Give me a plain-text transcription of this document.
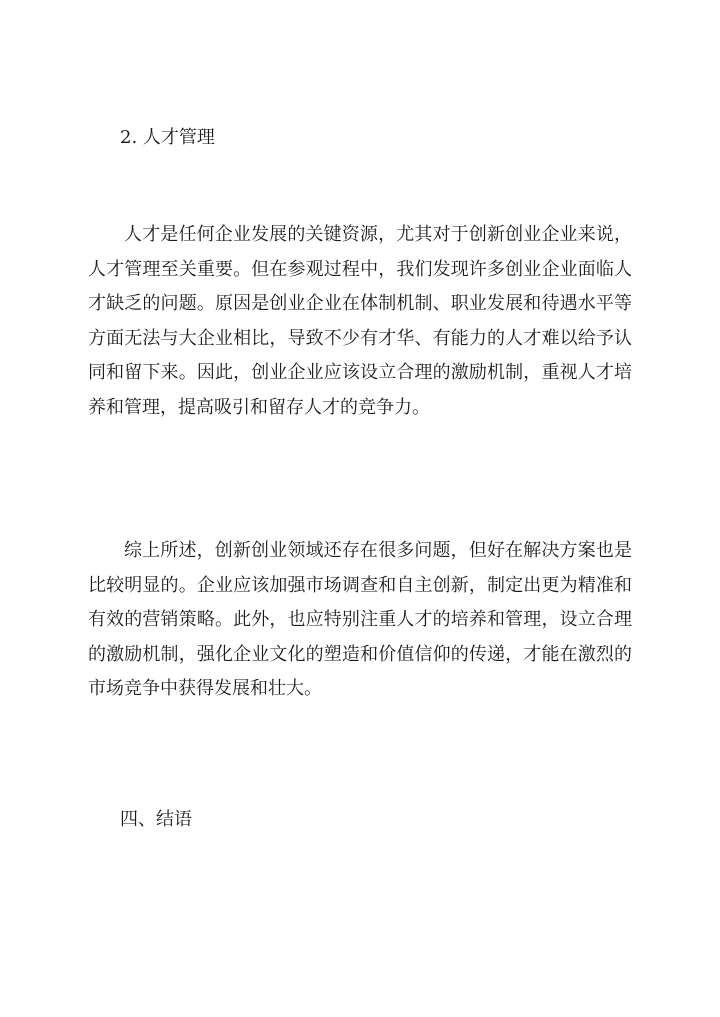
2. 人才管理

人才是任何企业发展的关键资源，尤其对于创新创业企业来说，人才管理至关重要。但在参观过程中，我们发现许多创业企业面临人才缺乏的问题。原因是创业企业在体制机制、职业发展和待遇水平等方面无法与大企业相比，导致不少有才华、有能力的人才难以给予认同和留下来。因此，创业企业应该设立合理的激励机制，重视人才培养和管理，提高吸引和留存人才的竞争力。

综上所述，创新创业领域还存在很多问题，但好在解决方案也是比较明显的。企业应该加强市场调查和自主创新，制定出更为精准和有效的营销策略。此外，也应特别注重人才的培养和管理，设立合理的激励机制，强化企业文化的塑造和价值信仰的传递，才能在激烈的市场竞争中获得发展和壮大。

四、结语
